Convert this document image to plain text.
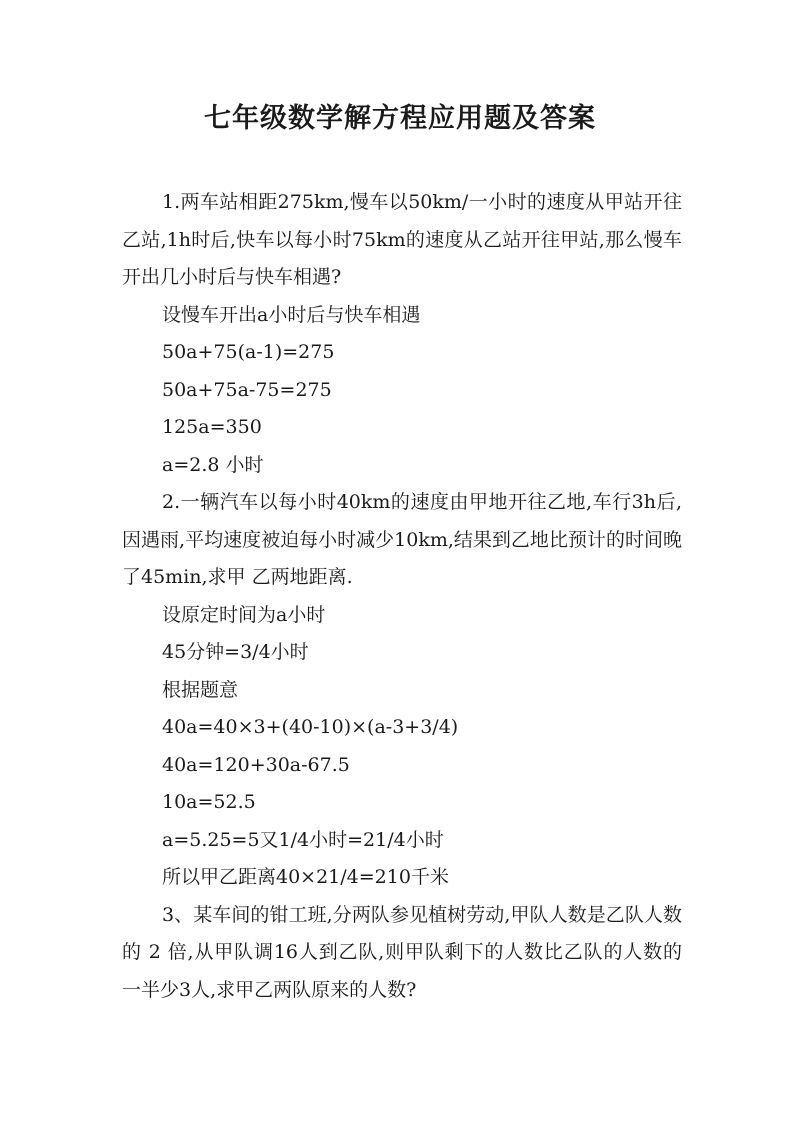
七年级数学解方程应用题及答案

1.两车站相距275km,慢车以50km/一小时的速度从甲站开往乙站,1h时后,快车以每小时75km的速度从乙站开往甲站,那么慢车开出几小时后与快车相遇?

设慢车开出a小时后与快车相遇

50a+75(a-1)=275

50a+75a-75=275

125a=350

a=2.8 小时

2.一辆汽车以每小时40km的速度由甲地开往乙地,车行3h后,因遇雨,平均速度被迫每小时减少10km,结果到乙地比预计的时间晚了45min,求甲 乙两地距离.

设原定时间为a小时

45分钟=3/4小时

根据题意

40a=40×3+(40-10)×(a-3+3/4)

40a=120+30a-67.5

10a=52.5

a=5.25=5又1/4小时=21/4小时

所以甲乙距离40×21/4=210千米

3、某车间的钳工班,分两队参见植树劳动,甲队人数是乙队人数的 2 倍,从甲队调16人到乙队,则甲队剩下的人数比乙队的人数的 一半少3人,求甲乙两队原来的人数?
